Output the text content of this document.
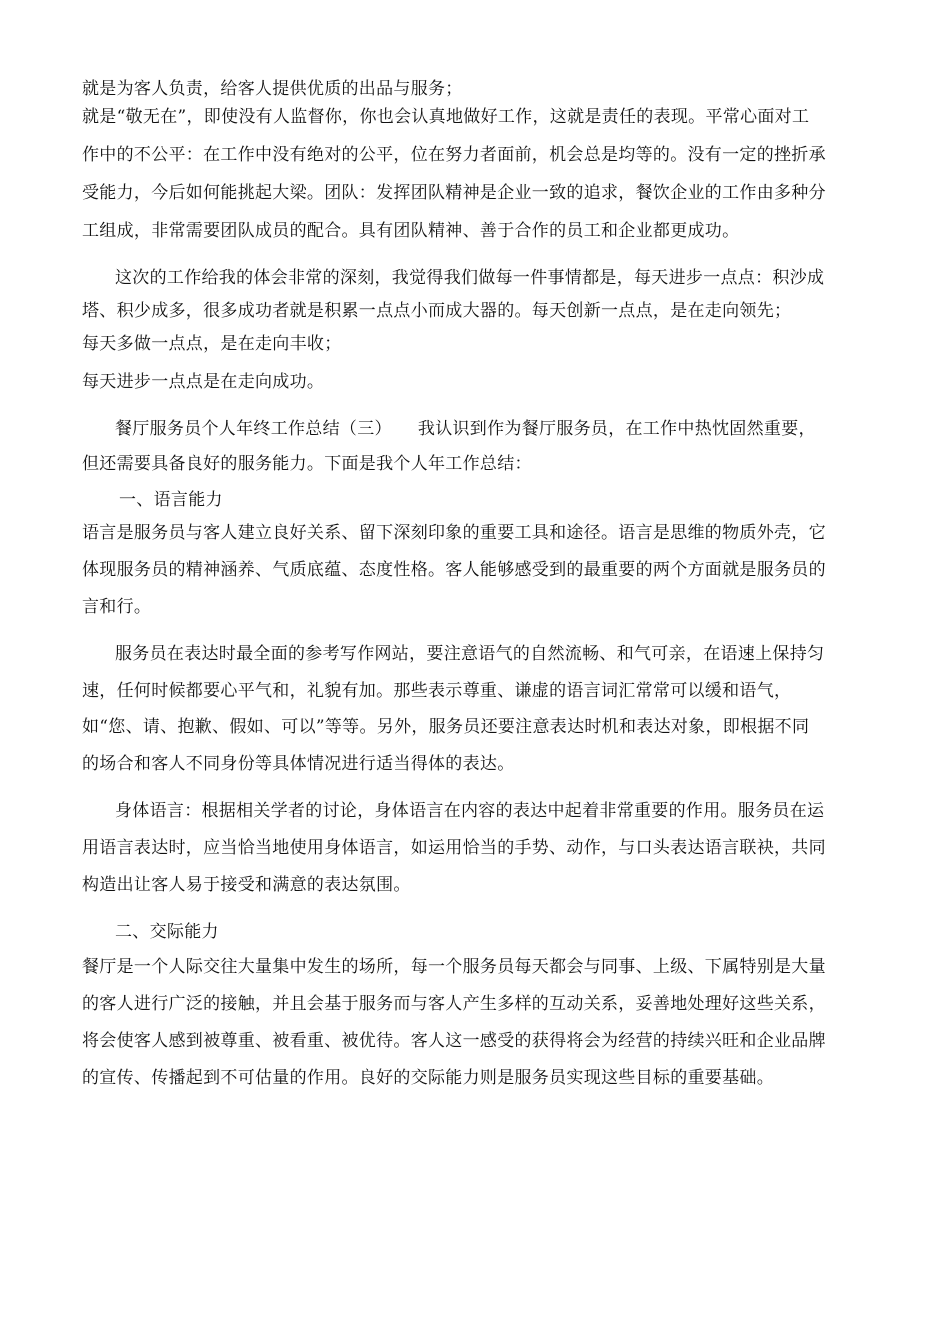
就是为客人负责，给客人提供优质的出品与服务；
就是“敬无在”，即使没有人监督你，你也会认真地做好工作，这就是责任的表现。平常心面对工
作中的不公平：在工作中没有绝对的公平，位在努力者面前，机会总是均等的。没有一定的挫折承
受能力，今后如何能挑起大梁。团队：发挥团队精神是企业一致的追求，餐饮企业的工作由多种分
工组成，非常需要团队成员的配合。具有团队精神、善于合作的员工和企业都更成功。
这次的工作给我的体会非常的深刻，我觉得我们做每一件事情都是，每天进步一点点：积沙成
塔、积少成多，很多成功者就是积累一点点小而成大器的。每天创新一点点，是在走向领先；
每天多做一点点，是在走向丰收；
每天进步一点点是在走向成功。
餐厅服务员个人年终工作总结（三）　　我认识到作为餐厅服务员，在工作中热忱固然重要，
但还需要具备良好的服务能力。下面是我个人年工作总结：
一、语言能力
语言是服务员与客人建立良好关系、留下深刻印象的重要工具和途径。语言是思维的物质外壳，它
体现服务员的精神涵养、气质底蕴、态度性格。客人能够感受到的最重要的两个方面就是服务员的
言和行。
服务员在表达时最全面的参考写作网站，要注意语气的自然流畅、和气可亲，在语速上保持匀
速，任何时候都要心平气和，礼貌有加。那些表示尊重、谦虚的语言词汇常常可以缓和语气，
如“您、请、抱歉、假如、可以”等等。另外，服务员还要注意表达时机和表达对象，即根据不同
的场合和客人不同身份等具体情况进行适当得体的表达。
身体语言：根据相关学者的讨论，身体语言在内容的表达中起着非常重要的作用。服务员在运
用语言表达时，应当恰当地使用身体语言，如运用恰当的手势、动作，与口头表达语言联袂，共同
构造出让客人易于接受和满意的表达氛围。
二、交际能力
餐厅是一个人际交往大量集中发生的场所，每一个服务员每天都会与同事、上级、下属特别是大量
的客人进行广泛的接触，并且会基于服务而与客人产生多样的互动关系，妥善地处理好这些关系，
将会使客人感到被尊重、被看重、被优待。客人这一感受的获得将会为经营的持续兴旺和企业品牌
的宣传、传播起到不可估量的作用。良好的交际能力则是服务员实现这些目标的重要基础。
